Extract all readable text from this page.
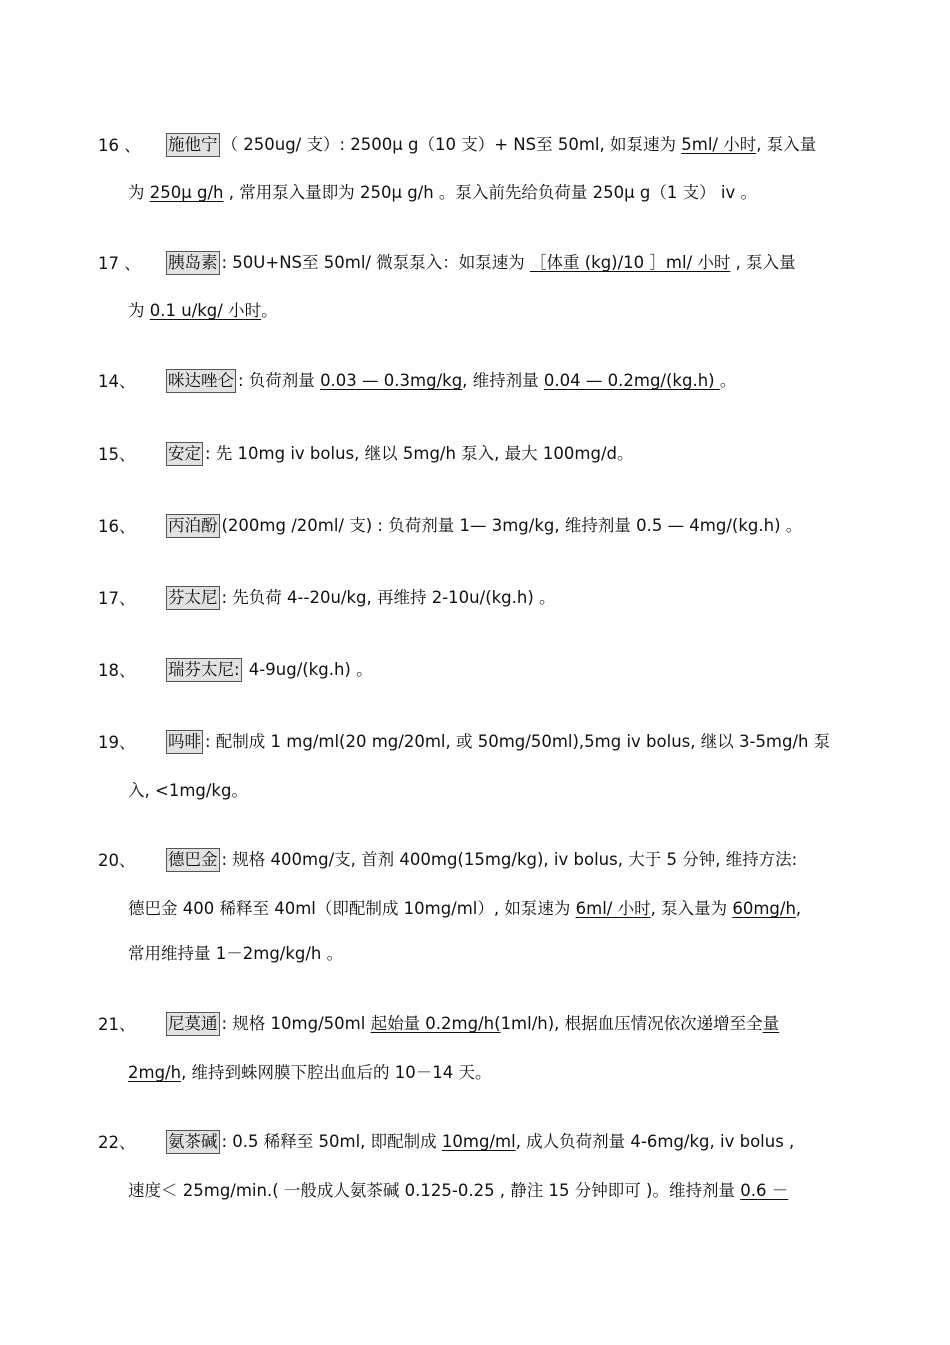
16 、 施他宁 （ 250ug/ 支）: 2500μ g（10 支）+ NS至 50ml, 如泵速为 5ml/ 小时, 泵入量
为 250μ g/h , 常用泵入量即为 250μ g/h 。泵入前先给负荷量 250μ g（1 支） iv 。
17 、 胰岛素 : 50U+NS至 50ml/ 微泵泵入：如泵速为 ［体重 (kg)/10 ］ml/ 小时 , 泵入量
为 0.1 u/kg/ 小时。
14、 咪达唑仑 : 负荷剂量 0.03 — 0.3mg/kg, 维持剂量 0.04 — 0.2mg/(kg.h) 。
15、 安定 : 先 10mg iv bolus, 继以 5mg/h 泵入, 最大 100mg/d。
16、 丙泊酚 (200mg /20ml/ 支) : 负荷剂量 1— 3mg/kg, 维持剂量 0.5 — 4mg/(kg.h) 。
17、 芬太尼 : 先负荷 4--20u/kg, 再维持 2-10u/(kg.h) 。
18、 瑞芬太尼: 4-9ug/(kg.h) 。
19、 吗啡 : 配制成 1 mg/ml(20 mg/20ml, 或 50mg/50ml),5mg iv bolus, 继以 3-5mg/h 泵
入, <1mg/kg。
20、 德巴金 : 规格 400mg/支, 首剂 400mg(15mg/kg), iv bolus, 大于 5 分钟, 维持方法:
德巴金 400 稀释至 40ml（即配制成 10mg/ml）, 如泵速为 6ml/ 小时, 泵入量为 60mg/h,
常用维持量 1－2mg/kg/h 。
21、 尼莫通 : 规格 10mg/50ml 起始量 0.2mg/h(1ml/h), 根据血压情况依次递增至全量
2mg/h, 维持到蛛网膜下腔出血后的 10－14 天。
22、 氨茶碱 : 0.5 稀释至 50ml, 即配制成 10mg/ml, 成人负荷剂量 4-6mg/kg, iv bolus ,
速度＜ 25mg/min.( 一般成人氨茶碱 0.125-0.25 , 静注 15 分钟即可 )。维持剂量 0.6 －
